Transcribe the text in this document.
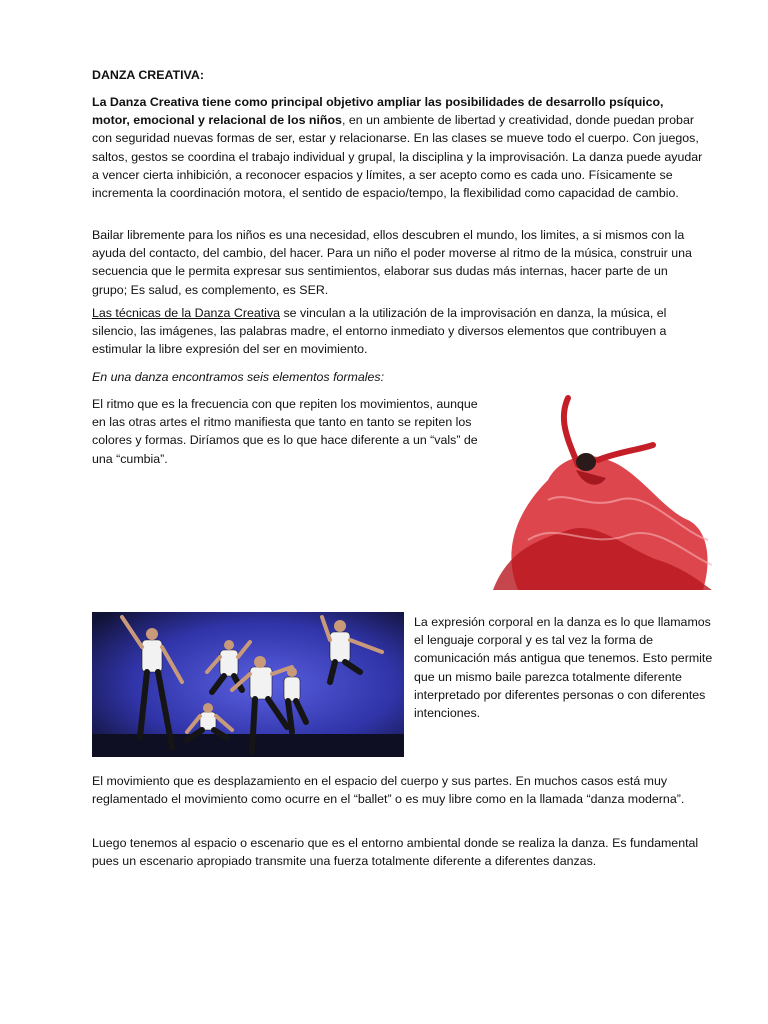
DANZA CREATIVA:

La Danza Creativa tiene como principal objetivo ampliar las posibilidades de desarrollo psíquico, motor, emocional y relacional de los niños, en un ambiente de libertad y creatividad, donde puedan probar con seguridad nuevas formas de ser, estar y relacionarse. En las clases se mueve todo el cuerpo. Con juegos, saltos, gestos se coordina el trabajo individual y grupal, la disciplina y la improvisación. La danza puede ayudar a vencer cierta inhibición, a reconocer espacios y límites, a ser acepto como es cada uno. Físicamente se incrementa la coordinación motora, el sentido de espacio/tempo, la flexibilidad como capacidad de cambio.

Bailar libremente para los niños es una necesidad, ellos descubren el mundo, los limites, a si mismos con la ayuda del contacto, del cambio, del hacer. Para un niño el poder moverse al ritmo de la música, construir una secuencia que le permita expresar sus sentimientos, elaborar sus dudas más internas, hacer parte de un grupo; Es salud, es complemento, es SER.

Las técnicas de la Danza Creativa se vinculan a la utilización de la improvisación en danza, la música, el silencio, las imágenes, las palabras madre, el entorno inmediato y diversos elementos que contribuyen a estimular la libre expresión del ser en movimiento.

En una danza encontramos seis elementos formales:

El ritmo que es la frecuencia con que repiten los movimientos, aunque en las otras artes el ritmo manifiesta que tanto en tanto se repiten los colores y formas. Diríamos que es lo que hace diferente a un “vals” de una “cumbia”.

La expresión corporal en la danza es lo que llamamos el lenguaje corporal y es tal vez la forma de comunicación más antigua que tenemos. Esto permite que un mismo baile parezca totalmente diferente interpretado por diferentes personas o con diferentes intenciones.

El movimiento que es desplazamiento en el espacio del cuerpo y sus partes. En muchos casos está muy reglamentado el movimiento como ocurre en el “ballet” o es muy libre como en la llamada “danza moderna”.

Luego tenemos al espacio o escenario que es el entorno ambiental donde se realiza la danza. Es fundamental pues un escenario apropiado transmite una fuerza totalmente diferente a diferentes danzas.
